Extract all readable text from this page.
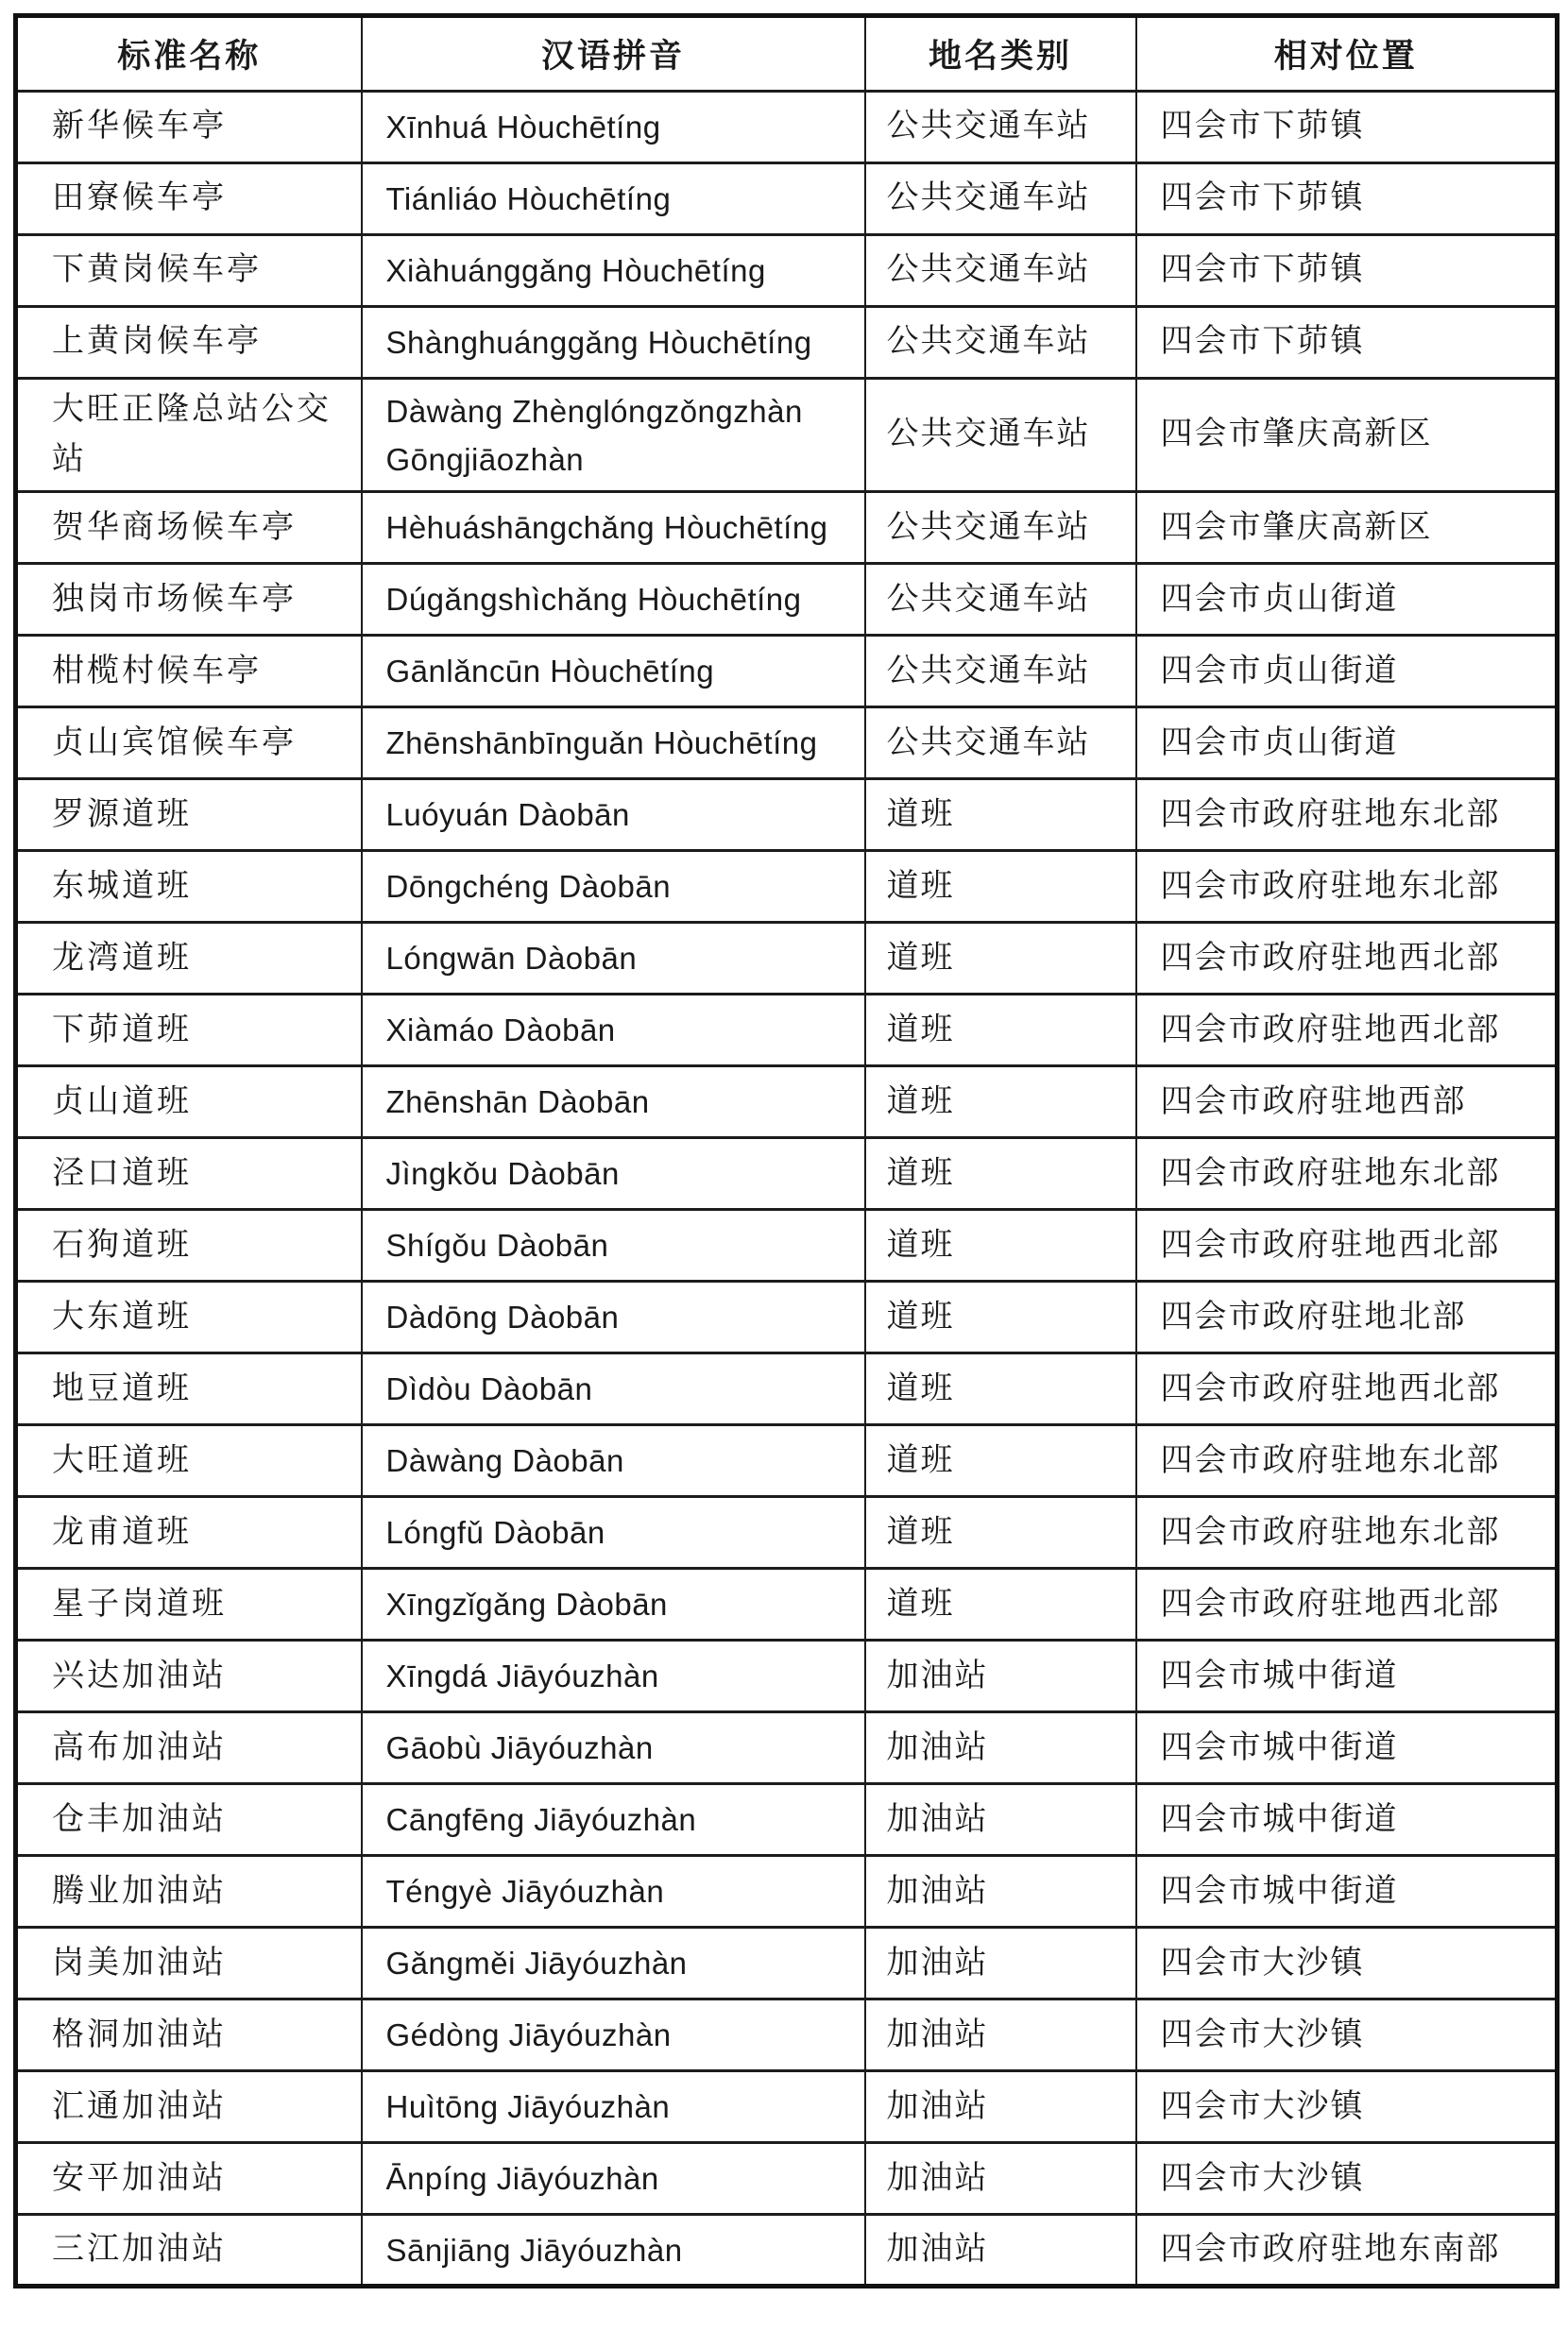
标准名称	汉语拼音	地名类别	相对位置
新华候车亭	Xīnhuá Hòuchētíng	公共交通车站	四会市下茆镇
田寮候车亭	Tiánliáo Hòuchētíng	公共交通车站	四会市下茆镇
下黄岗候车亭	Xiàhuánggǎng Hòuchētíng	公共交通车站	四会市下茆镇
上黄岗候车亭	Shànghuánggǎng Hòuchētíng	公共交通车站	四会市下茆镇
大旺正隆总站公交站	Dàwàng Zhènglóngzǒngzhàn Gōngjiāozhàn	公共交通车站	四会市肇庆高新区
贺华商场候车亭	Hèhuáshāngchǎng Hòuchētíng	公共交通车站	四会市肇庆高新区
独岗市场候车亭	Dúgǎngshìchǎng Hòuchētíng	公共交通车站	四会市贞山街道
柑榄村候车亭	Gānlǎncūn Hòuchētíng	公共交通车站	四会市贞山街道
贞山宾馆候车亭	Zhēnshānbīnguǎn Hòuchētíng	公共交通车站	四会市贞山街道
罗源道班	Luóyuán Dàobān	道班	四会市政府驻地东北部
东城道班	Dōngchéng Dàobān	道班	四会市政府驻地东北部
龙湾道班	Lóngwān Dàobān	道班	四会市政府驻地西北部
下茆道班	Xiàmáo Dàobān	道班	四会市政府驻地西北部
贞山道班	Zhēnshān Dàobān	道班	四会市政府驻地西部
泾口道班	Jìngkǒu Dàobān	道班	四会市政府驻地东北部
石狗道班	Shígǒu Dàobān	道班	四会市政府驻地西北部
大东道班	Dàdōng Dàobān	道班	四会市政府驻地北部
地豆道班	Dìdòu Dàobān	道班	四会市政府驻地西北部
大旺道班	Dàwàng Dàobān	道班	四会市政府驻地东北部
龙甫道班	Lóngfǔ Dàobān	道班	四会市政府驻地东北部
星子岗道班	Xīngzǐgǎng Dàobān	道班	四会市政府驻地西北部
兴达加油站	Xīngdá Jiāyóuzhàn	加油站	四会市城中街道
高布加油站	Gāobù Jiāyóuzhàn	加油站	四会市城中街道
仓丰加油站	Cāngfēng Jiāyóuzhàn	加油站	四会市城中街道
腾业加油站	Téngyè Jiāyóuzhàn	加油站	四会市城中街道
岗美加油站	Gǎngměi Jiāyóuzhàn	加油站	四会市大沙镇
格洞加油站	Gédòng Jiāyóuzhàn	加油站	四会市大沙镇
汇通加油站	Huìtōng Jiāyóuzhàn	加油站	四会市大沙镇
安平加油站	Ānpíng Jiāyóuzhàn	加油站	四会市大沙镇
三江加油站	Sānjiāng Jiāyóuzhàn	加油站	四会市政府驻地东南部
